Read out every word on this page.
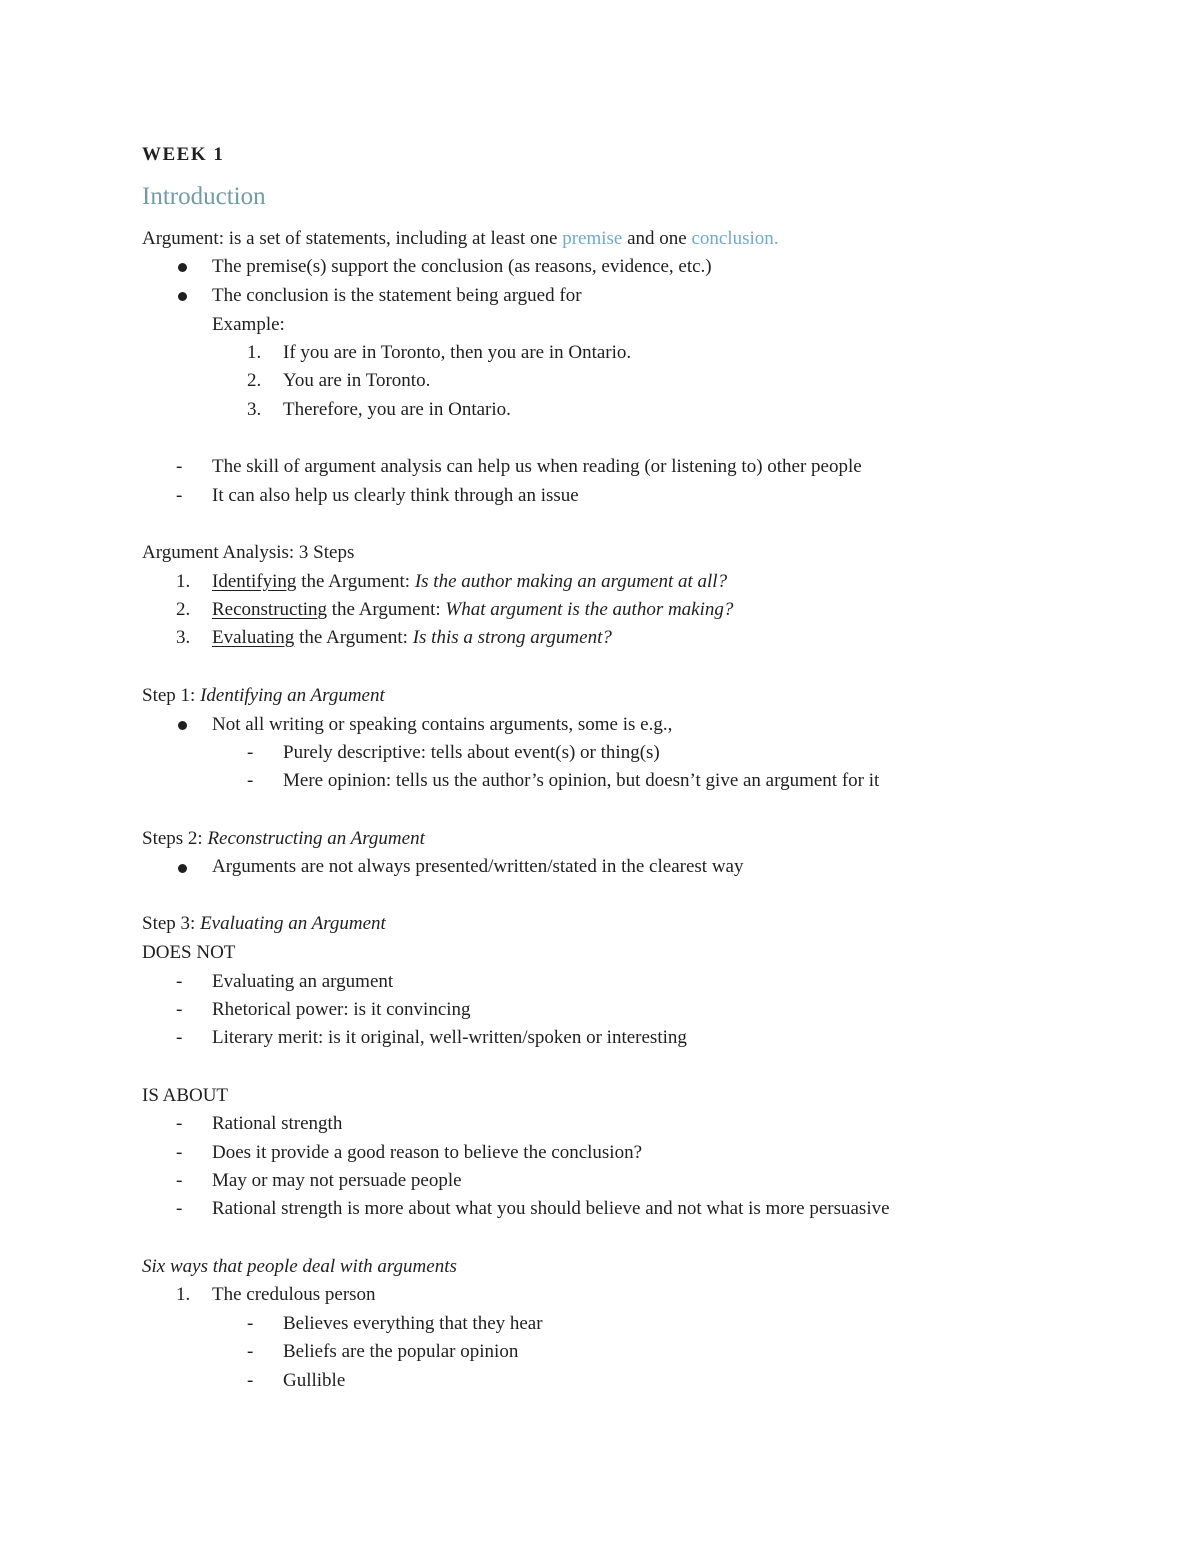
WEEK 1
Introduction
Argument: is a set of statements, including at least one premise and one conclusion.
The premise(s) support the conclusion (as reasons, evidence, etc.)
The conclusion is the statement being argued for
Example:
1. If you are in Toronto, then you are in Ontario.
2. You are in Toronto.
3. Therefore, you are in Ontario.
- The skill of argument analysis can help us when reading (or listening to) other people
- It can also help us clearly think through an issue
Argument Analysis: 3 Steps
1. Identifying the Argument: Is the author making an argument at all?
2. Reconstructing the Argument: What argument is the author making?
3. Evaluating the Argument: Is this a strong argument?
Step 1: Identifying an Argument
Not all writing or speaking contains arguments, some is e.g.,
- Purely descriptive: tells about event(s) or thing(s)
- Mere opinion: tells us the author’s opinion, but doesn’t give an argument for it
Steps 2: Reconstructing an Argument
Arguments are not always presented/written/stated in the clearest way
Step 3: Evaluating an Argument
DOES NOT
- Evaluating an argument
- Rhetorical power: is it convincing
- Literary merit: is it original, well-written/spoken or interesting
IS ABOUT
- Rational strength
- Does it provide a good reason to believe the conclusion?
- May or may not persuade people
- Rational strength is more about what you should believe and not what is more persuasive
Six ways that people deal with arguments
1. The credulous person
- Believes everything that they hear
- Beliefs are the popular opinion
- Gullible
